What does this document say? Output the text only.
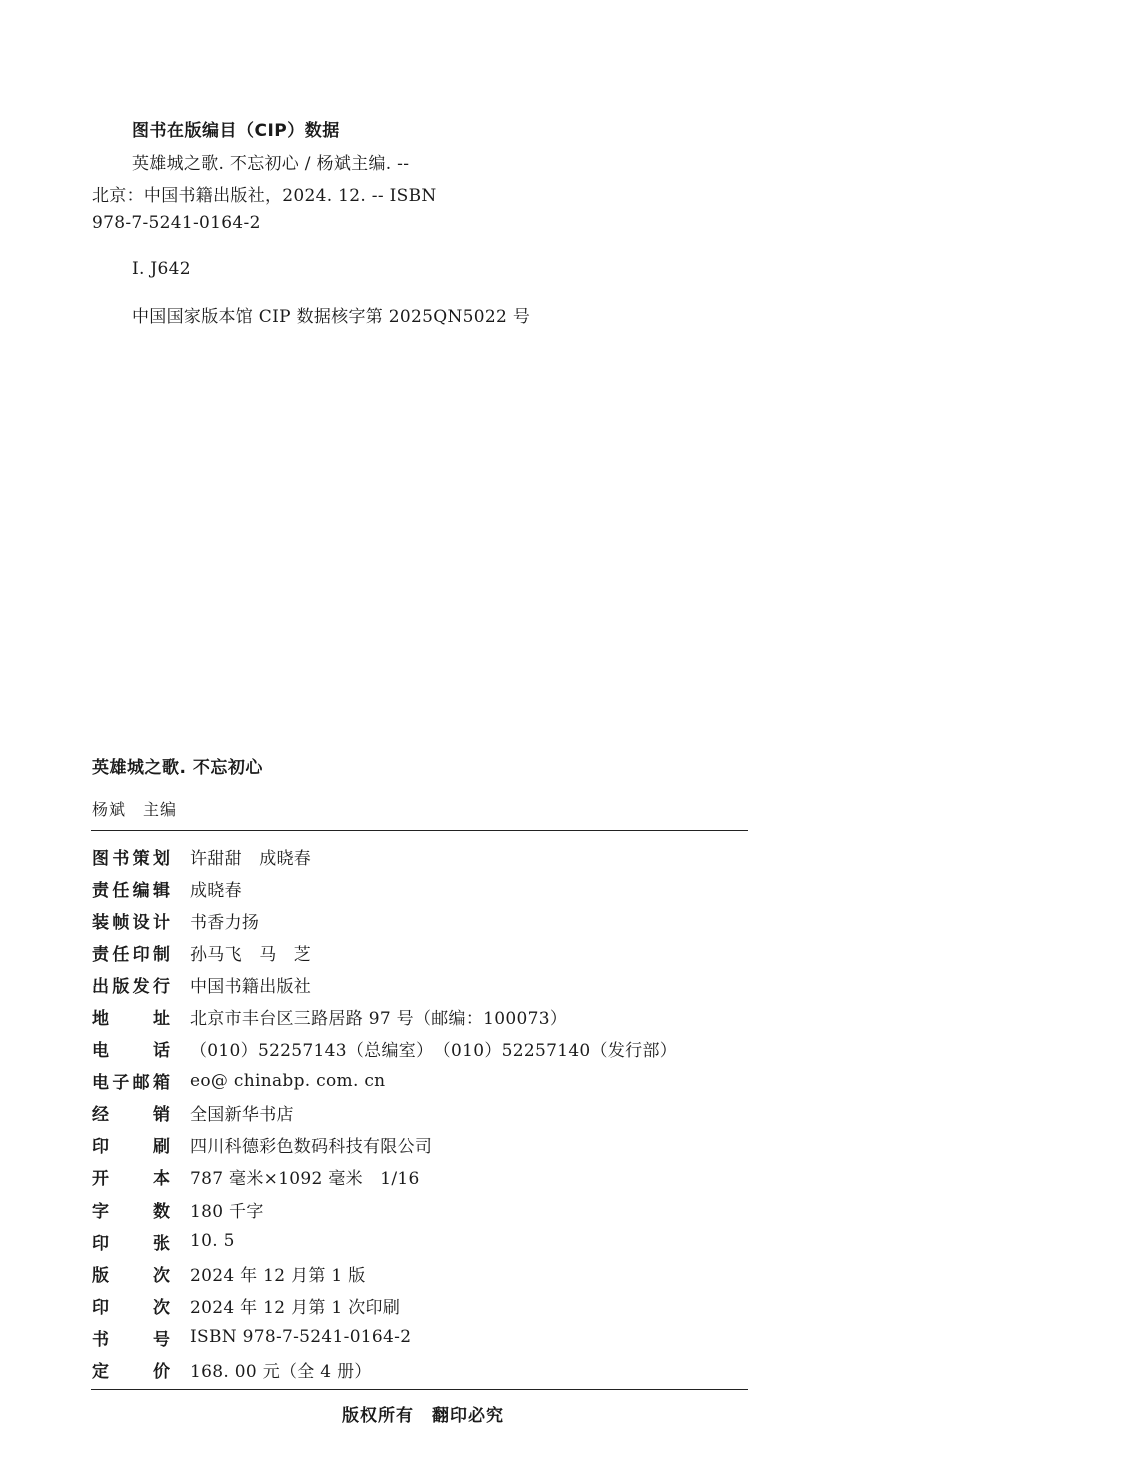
图书在版编目（CIP）数据
英雄城之歌. 不忘初心 / 杨斌主编. --
北京：中国书籍出版社，2024. 12. -- ISBN
978-7-5241-0164-2
Ⅰ. J642
中国国家版本馆 CIP 数据核字第 2025QN5022 号
英雄城之歌. 不忘初心
杨斌　主编
图 书 策 划 许甜甜　成晓春
责 任 编 辑 成晓春
装 帧 设 计 书香力扬
责 任 印 制 孙马飞　马　芝
出 版 发 行 中国书籍出版社
地	址 北京市丰台区三路居路 97 号（邮编：100073）
电	话 （010）52257143（总编室）　（010）52257140（发行部）
电 子 邮 箱 eo@ chinabp. com. cn
经	销 全国新华书店
印	刷 四川科德彩色数码科技有限公司
开	本 787 毫米×1092 毫米　1/16
字	数 180 千字
印	张 10. 5
版	次 2024 年 12 月第 1 版
印	次 2024 年 12 月第 1 次印刷
书	号 ISBN 978-7-5241-0164-2
定	价 168. 00 元（全 4 册）
版权所有　翻印必究
